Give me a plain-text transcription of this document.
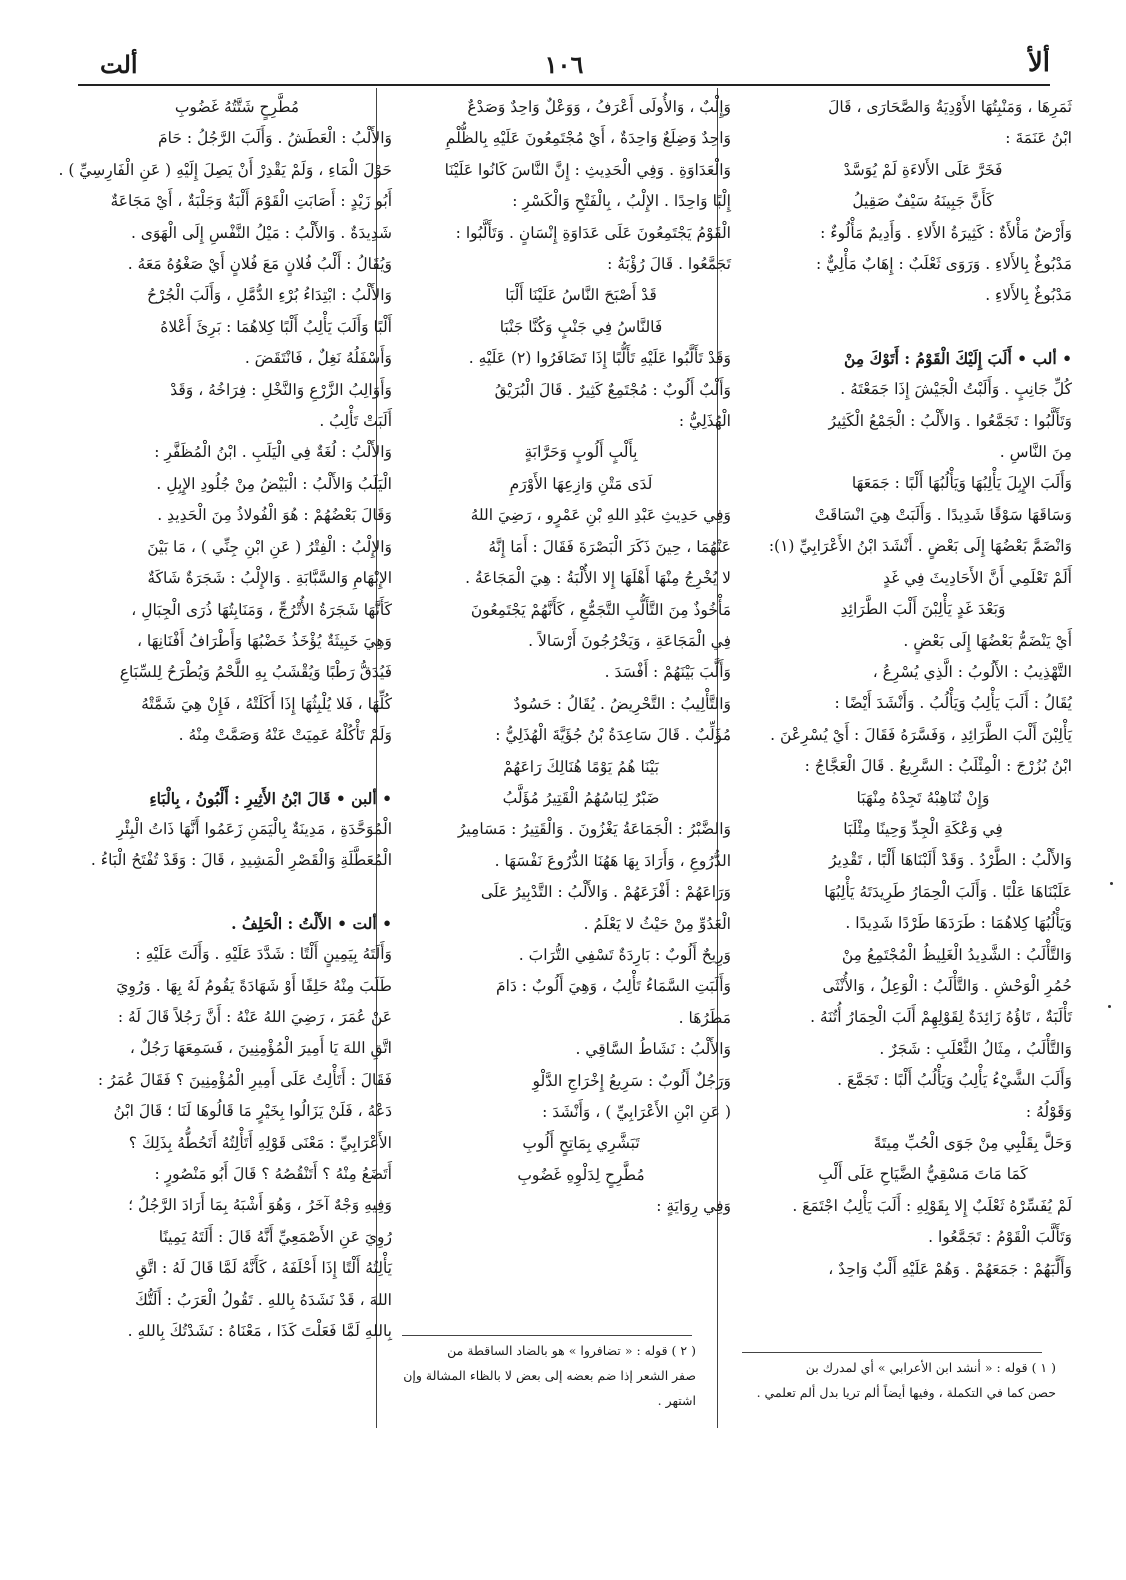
ألأ
١٠٦
ألت
ثَمَرِهَا ، وَمَنْبِتُهَا الأَوْدِيَةُ وَالصَّحَارَى ، قَالَ
ابْنُ عَنَمَةَ :
فَخَرَّ عَلَى الأَلاءَةِ لَمْ يُوَسَّدْ
كَأَنَّ جَبِينَهُ سَيْفٌ صَقِيلُ
وَأَرْضٌ مَأْلأَةٌ : كَثِيرَةُ الأَلاءِ . وَأَدِيمٌ مَأْلُوءٌ :
مَدْبُوغٌ بِالأَلاءِ . وَرَوَى ثَعْلَبٌ : إِهَابٌ مَأْلِيٌّ :
مَدْبُوغٌ بِالأَلاءِ .
• ألب • أَلَبَ إِلَيْكَ الْقَوْمُ : أَتَوْكَ مِنْ
كُلِّ جَانِبٍ . وَأَلَبْتُ الْجَيْشَ إِذَا جَمَعْتَهُ .
وَتَأَلَّبُوا : تَجَمَّعُوا . وَالأَلْبُ : الْجَمْعُ الْكَثِيرُ
مِنَ النَّاسِ .
وَأَلَبَ الإِبِلَ يَأْلِبُهَا وَيَأْلُبُهَا أَلْبًا : جَمَعَهَا
وَسَاقَهَا سَوْقًا شَدِيدًا . وَأَلَبَتْ هِيَ انْسَاقَتْ
وَانْضَمَّ بَعْضُهَا إِلَى بَعْضٍ . أَنْشَدَ ابْنُ الأَعْرَابِيِّ (١):
أَلَمْ تَعْلَمِي أَنَّ الأَحَادِيثَ فِي غَدٍ
وَبَعْدَ غَدٍ يَأْلِبْنَ أَلْبَ الطَّرَائِدِ
أَيْ يَنْضَمُّ بَعْضُهَا إِلَى بَعْضٍ .
التَّهْذِيبُ : الأَلُوبُ : الَّذِي يُسْرِعُ ،
يُقَالُ : أَلَبَ يَأْلِبُ وَيَأْلُبُ . وَأَنْشَدَ أَيْضًا :
يَأْلِبْنَ أَلْبَ الطَّرَائِدِ ، وَفَسَّرَهُ فَقَالَ : أَيْ يُسْرِعْنَ .
ابْنُ بُزُرْجَ : الْمِئْلَبُ : السَّرِيعُ . قَالَ الْعَجَّاجُ :
وَإِنْ تُنَاهِبْهُ تَجِدْهُ مِنْهَبَا
فِي وَعْكَةِ الْجِدِّ وَحِينًا مِئْلَبَا
وَالأَلْبُ : الطَّرْدُ . وَقَدْ أَلَبْنَاهَا أَلْبًا ، تَقْدِيرُ
عَلَبْنَاهَا عَلْبًا . وَأَلَبَ الْحِمَارُ طَرِيدَتَهُ يَأْلِبُهَا
وَيَأْلُبُهَا كِلاهُمَا : طَرَدَهَا طَرْدًا شَدِيدًا .
وَالتَّأْلَبُ : الشَّدِيدُ الْغَلِيظُ الْمُجْتَمِعُ مِنْ
حُمُرِ الْوَحْشِ . وَالتَّأْلَبُ : الْوَعِلُ ، وَالأُنْثَى
تَأْلَبَةٌ ، تَاؤُهُ زَائِدَةٌ لِقَوْلِهِمْ أَلَبَ الْحِمَارُ أُتُنَهُ .
وَالتَّأْلَبُ ، مِثَالُ الثَّعْلَبِ : شَجَرٌ .
وَأَلَبَ الشَّيْءُ يَأْلِبُ وَيَأْلُبُ أَلْبًا : تَجَمَّعَ .
وَقَوْلُهُ :
وَحَلَّ بِقَلْبِي مِنْ جَوَى الْحُبِّ مِيتَةً
كَمَا مَاتَ مَسْقِيُّ الضَّيَاحِ عَلَى أَلْبِ
لَمْ يُفَسِّرْهُ ثَعْلَبٌ إِلا بِقَوْلِهِ : أَلَبَ يَأْلِبُ اجْتَمَعَ .
وَتَأَلَّبَ الْقَوْمُ : تَجَمَّعُوا .
وَأَلَّبَهُمْ : جَمَعَهُمْ . وَهُمْ عَلَيْهِ أَلْبٌ وَاحِدٌ ،
وَإِلْبٌ ، وَالأُولَى أَعْرَفُ ، وَوَعْلٌ وَاحِدٌ وَصَدْعٌ
وَاحِدٌ وَضِلَعٌ وَاحِدَةٌ ، أَيْ مُجْتَمِعُونَ عَلَيْهِ بِالظُّلْمِ
وَالْعَدَاوَةِ . وَفِي الْحَدِيثِ : إِنَّ النَّاسَ كَانُوا عَلَيْنَا
إِلْبًا وَاحِدًا . الإِلْبُ ، بِالْفَتْحِ وَالْكَسْرِ :
الْقَوْمُ يَجْتَمِعُونَ عَلَى عَدَاوَةِ إِنْسَانٍ . وَتَأَلَّبُوا :
تَجَمَّعُوا . قَالَ رُؤْبَةُ :
قَدْ أَصْبَحَ النَّاسُ عَلَيْنَا أَلْبَا
فَالنَّاسُ فِي جَنْبٍ وَكُنَّا جَنْبَا
وَقَدْ تَأَلَّبُوا عَلَيْهِ تَأَلُّبًا إِذَا تَضَافَرُوا (٢) عَلَيْهِ .
وَأَلْبٌ أَلُوبٌ : مُجْتَمِعٌ كَثِيرٌ . قَالَ الْبُرَيْقُ
الْهُذَلِيُّ :
بِأَلْبٍ أَلُوبٍ وَحَرَّابَةٍ
لَدَى مَتْنِ وَازِعِهَا الأَوْرَمِ
وَفِي حَدِيثِ عَبْدِ اللهِ بْنِ عَمْرٍو ، رَضِيَ اللهُ
عَنْهُمَا ، حِينَ ذَكَرَ الْبَصْرَةَ فَقَالَ : أَمَا إِنَّهُ
لا يُخْرِجُ مِنْهَا أَهْلَهَا إِلا الأُلْبَةُ : هِيَ الْمَجَاعَةُ .
مَأْخُوذٌ مِنَ التَّأَلُّبِ التَّجَمُّعِ ، كَأَنَّهُمْ يَجْتَمِعُونَ
فِي الْمَجَاعَةِ ، وَيَخْرُجُونَ أَرْسَالاً .
وَأَلَّبَ بَيْنَهُمْ : أَفْسَدَ .
وَالتَّأْلِيبُ : التَّحْرِيضُ . يُقَالُ : حَسُودٌ
مُؤَلِّبٌ . قَالَ سَاعِدَةُ بْنُ جُؤَيَّةَ الْهُذَلِيُّ :
بَيْنَا هُمُ يَوْمًا هُنَالِكَ رَاعَهُمْ
ضَبْرٌ لِبَاسُهُمُ الْقَتِيرُ مُؤَلَّبُ
وَالضَّبْرُ : الْجَمَاعَةُ يَغْزُونَ . وَالْقَتِيرُ : مَسَامِيرُ
الدُّرُوعِ ، وَأَرَادَ بِهَا هَهُنَا الدُّرُوعَ نَفْسَهَا .
وَرَاعَهُمْ : أَفْزَعَهُمْ . وَالأَلْبُ : التَّدْبِيرُ عَلَى
الْعَدُوِّ مِنْ حَيْثُ لا يَعْلَمُ .
وَرِيحٌ أَلُوبٌ : بَارِدَةٌ تَسْفِي التُّرَابَ .
وَأَلَبَتِ السَّمَاءُ تَأْلِبُ ، وَهِيَ أَلُوبٌ : دَامَ
مَطَرُهَا .
وَالأَلْبُ : نَشَاطُ السَّاقِي .
وَرَجُلٌ أَلُوبٌ : سَرِيعُ إِخْرَاجِ الدَّلْوِ
( عَنِ ابْنِ الأَعْرَابِيِّ ) ، وَأَنْشَدَ :
تَبَشَّرِي بِمَاتِحٍ أَلُوبِ
مُطَّرِحٍ لِدَلْوِهِ غَضُوبِ
وَفِي رِوَايَةٍ :
مُطَّرِحٍ شَتَّتُهُ غَضُوبِ
وَالأَلْبُ : الْعَطَشُ . وَأَلَبَ الرَّجُلُ : حَامَ
حَوْلَ الْمَاءِ ، وَلَمْ يَقْدِرْ أَنْ يَصِلَ إِلَيْهِ ( عَنِ الْفَارِسِيِّ ) .
أَبُو زَيْدٍ : أَصَابَتِ الْقَوْمَ أَلْبَةٌ وَجَلْبَةٌ ، أَيْ مَجَاعَةٌ
شَدِيدَةٌ . وَالأَلْبُ : مَيْلُ النَّفْسِ إِلَى الْهَوَى .
وَيُقَالُ : أَلْبُ فُلانٍ مَعَ فُلانٍ أَيْ صَغْوُهُ مَعَهُ .
وَالأَلْبُ : ابْتِدَاءُ بُرْءِ الدُّمَّلِ ، وَأَلَبَ الْجُرْحُ
أَلْبًا وَأَلَبَ يَأْلِبُ أَلْبًا كِلاهُمَا : بَرِئَ أَعْلاهُ
وَأَسْفَلُهُ نَغِلٌ ، فَانْتَقَضَ .
وَأَوَالِبُ الزَّرْعِ وَالنَّخْلِ : فِرَاخُهُ ، وَقَدْ
أَلَبَتْ تَأْلِبُ .
وَالأَلْبُ : لُغَةٌ فِي الْيَلَبِ . ابْنُ الْمُظَفَّرِ :
الْيَلَبُ وَالأَلْبُ : الْبَيْضُ مِنْ جُلُودِ الإِبِلِ .
وَقَالَ بَعْضُهُمْ : هُوَ الْفُولاذُ مِنَ الْحَدِيدِ .
وَالإِلْبُ : الْفِتْرُ ( عَنِ ابْنِ جِنِّي ) ، مَا بَيْنَ
الإِبْهَامِ وَالسَّبَّابَةِ . وَالإِلْبُ : شَجَرَةٌ شَاكَةٌ
كَأَنَّهَا شَجَرَةُ الأُتْرُجِّ ، وَمَنَابِتُهَا ذُرَى الْجِبَالِ ،
وَهِيَ خَبِيثَةٌ يُؤْخَذُ خَضْبُهَا وَأَطْرَافُ أَفْنَانِهَا ،
فَيُدَقُّ رَطْبًا وَيُقْشَبُ بِهِ اللَّحْمُ وَيُطْرَحُ لِلسِّبَاعِ
كُلِّهَا ، فَلا يُلْبِثُهَا إِذَا أَكَلَتْهُ ، فَإِنْ هِيَ شَمَّتْهُ
وَلَمْ تَأْكُلْهُ عَمِيَتْ عَنْهُ وَصَمَّتْ مِنْهُ .
• ألبن • قَالَ ابْنُ الأَثِيرِ : أَلْبُونُ ، بِالْبَاءِ
الْمُوَحَّدَةِ ، مَدِينَةٌ بِالْيَمَنِ زَعَمُوا أَنَّهَا ذَاتُ الْبِئْرِ
الْمُعَطَّلَةِ وَالْقَصْرِ الْمَشِيدِ ، قَالَ : وَقَدْ تُفْتَحُ الْبَاءُ .
• ألت • الأَلْتُ : الْحَلِفُ .
وَأَلَتَهُ بِيَمِينٍ أَلْتًا : شَدَّدَ عَلَيْهِ . وَأَلَتَ عَلَيْهِ :
طَلَبَ مِنْهُ حَلِفًا أَوْ شَهَادَةً يَقُومُ لَهُ بِهَا . وَرُوِيَ
عَنْ عُمَرَ ، رَضِيَ اللهُ عَنْهُ : أَنَّ رَجُلاً قَالَ لَهُ :
اتَّقِ اللهَ يَا أَمِيرَ الْمُؤْمِنِينَ ، فَسَمِعَهَا رَجُلٌ ،
فَقَالَ : أَتَأْلِتُ عَلَى أَمِيرِ الْمُؤْمِنِينَ ؟ فَقَالَ عُمَرُ :
دَعْهُ ، فَلَنْ يَزَالُوا بِخَيْرٍ مَا قَالُوهَا لَنَا ؛ قَالَ ابْنُ
الأَعْرَابِيِّ : مَعْنَى قَوْلِهِ أَتَأْلِتُهُ أَتَحُطُّهُ بِذَلِكَ ؟
أَتَضَعُ مِنْهُ ؟ أَتَنْقُصُهُ ؟ قَالَ أَبُو مَنْصُورٍ :
وَفِيهِ وَجْهٌ آخَرُ ، وَهُوَ أَشْبَهُ بِمَا أَرَادَ الرَّجُلُ ؛
رُوِيَ عَنِ الأَصْمَعِيِّ أَنَّهُ قَالَ : أَلَتَهُ يَمِينًا
يَأْلِتُهُ أَلْتًا إِذَا أَحْلَفَهُ ، كَأَنَّهُ لَمَّا قَالَ لَهُ : اتَّقِ
اللهَ ، قَدْ نَشَدَهُ بِاللهِ . تَقُولُ الْعَرَبُ : أَلَتُّكَ
بِاللهِ لَمَّا فَعَلْتَ كَذَا ، مَعْنَاهُ : نَشَدْتُكَ بِاللهِ .
( ٢ ) قوله : « تضافروا » هو بالضاد الساقطة من
صفر الشعر إذا ضم بعضه إلى بعض لا بالظاء المشالة وإن
اشتهر .
( ١ ) قوله : « أنشد ابن الأعرابي » أي لمدرك بن
حصن كما في التكملة ، وفيها أيضاً ألم تريا بدل ألم تعلمي .
